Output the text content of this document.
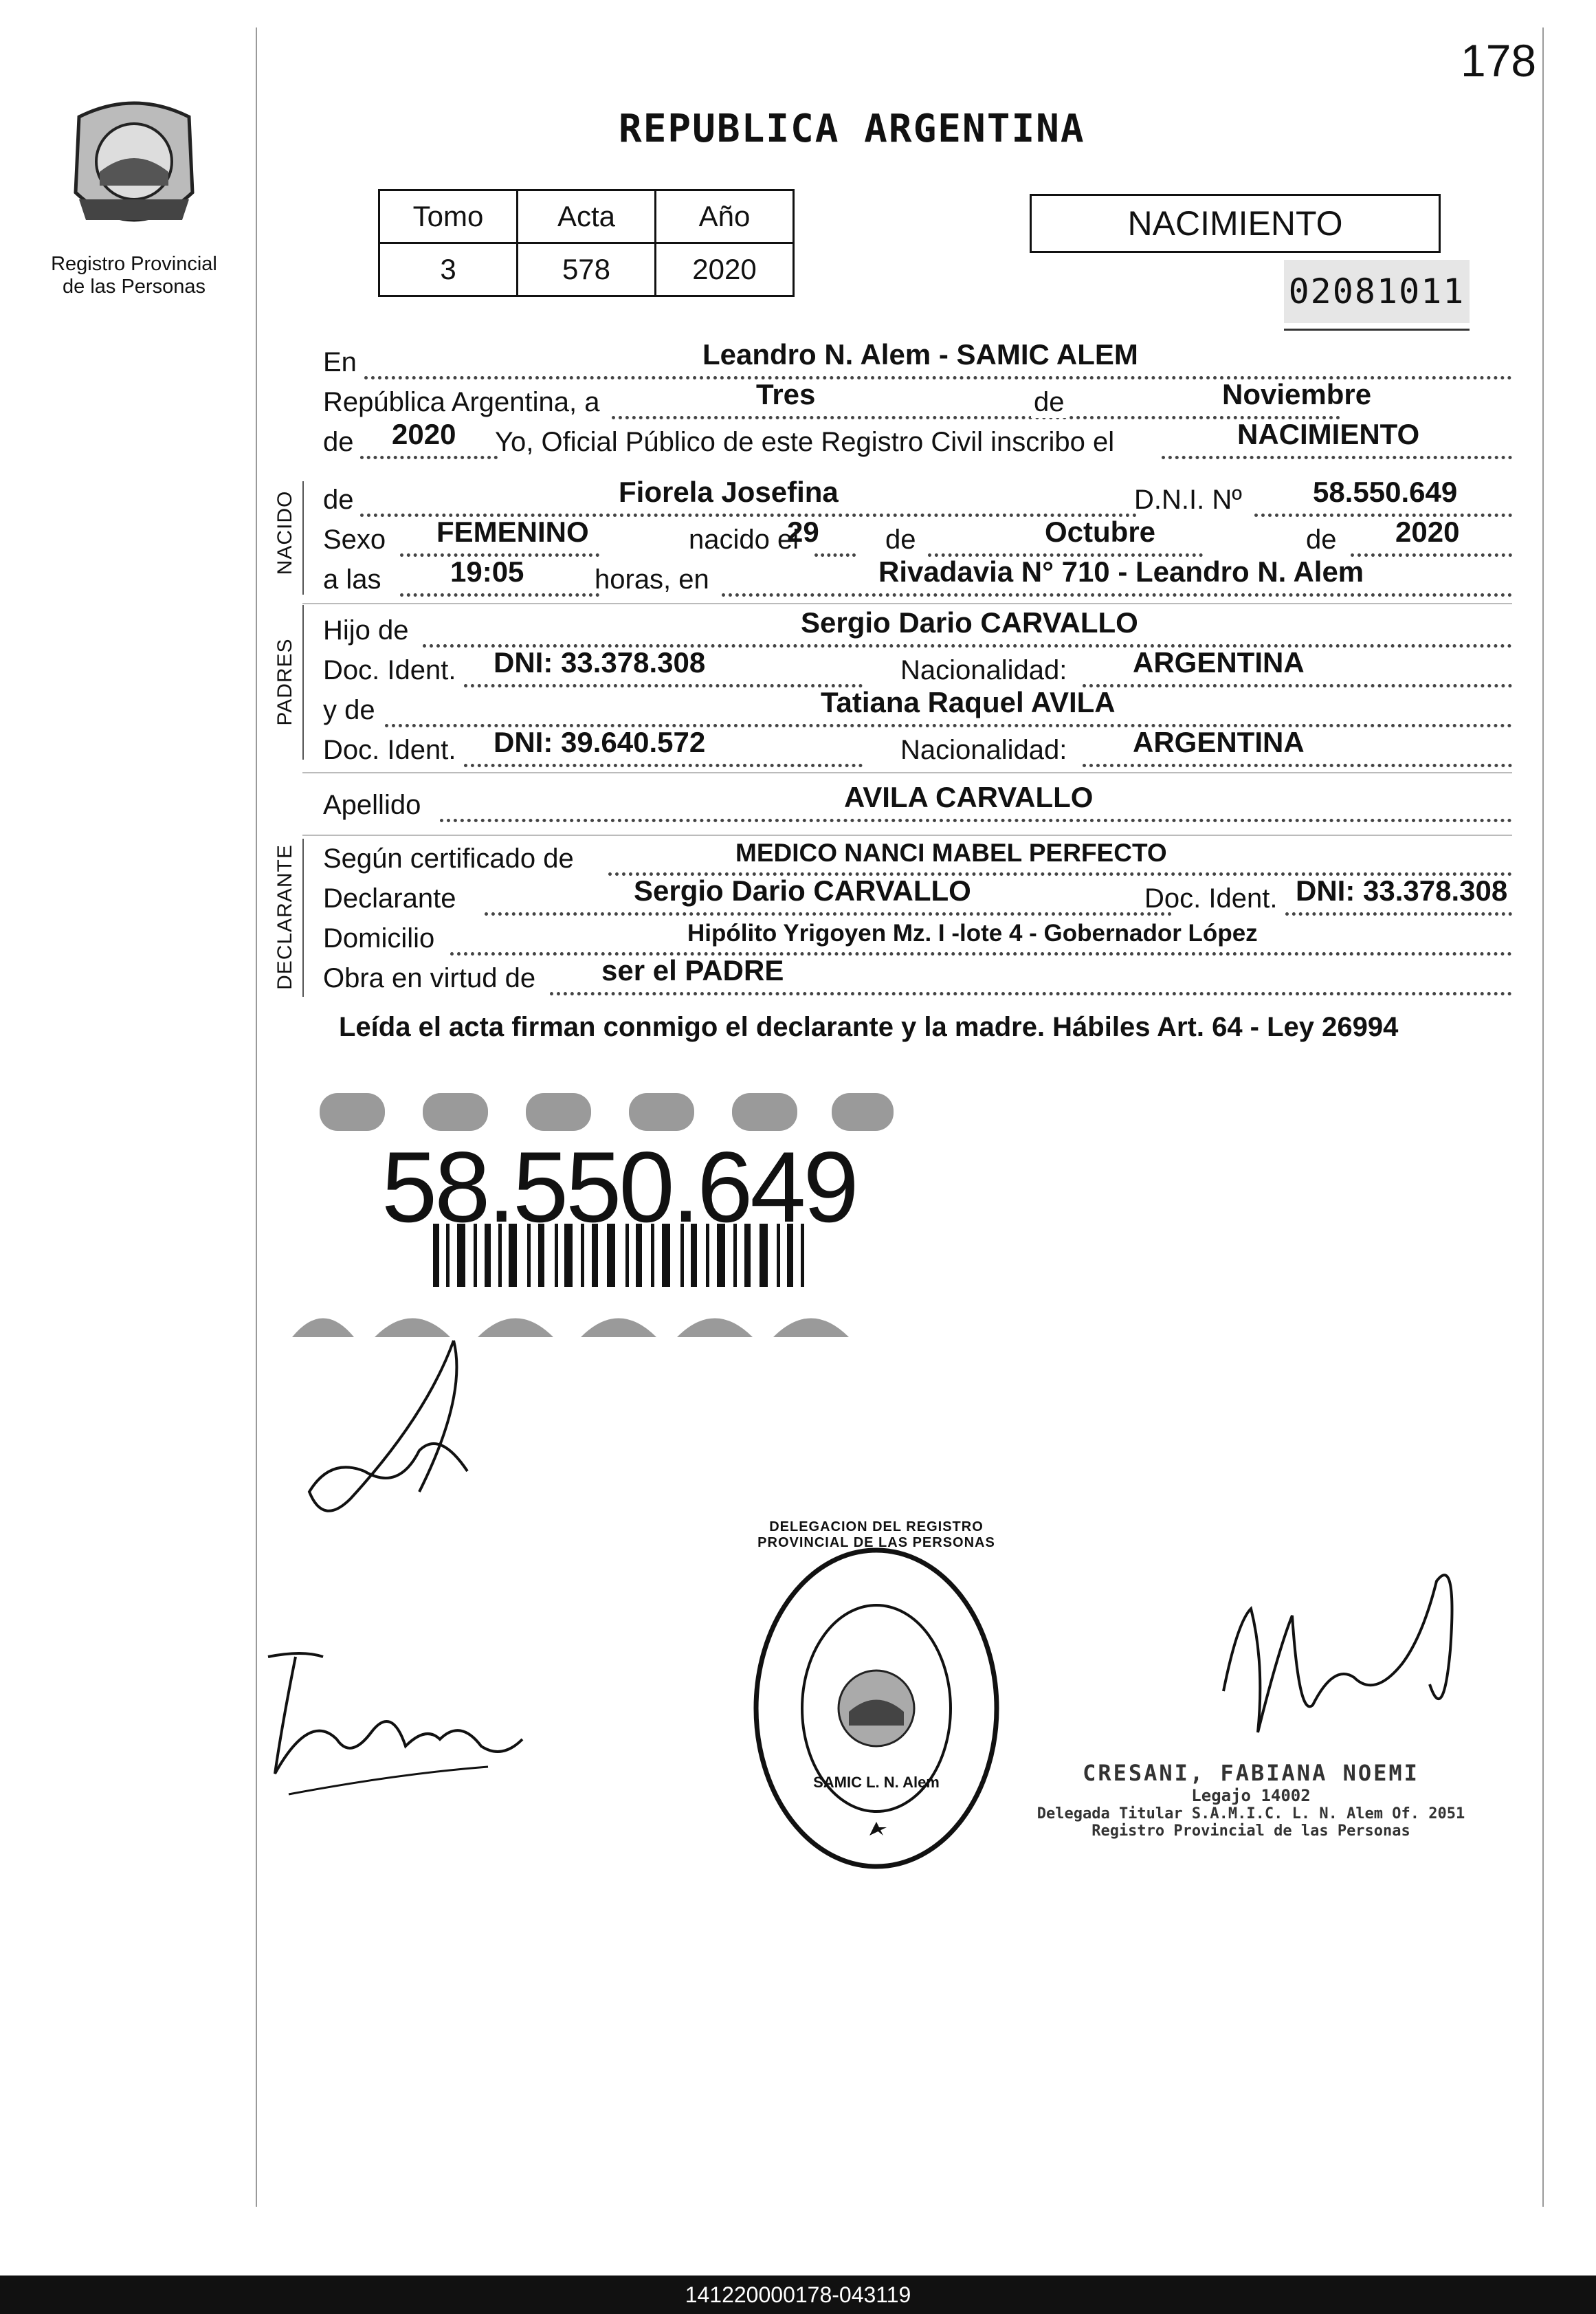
178
Registro Provincial
de las Personas
REPUBLICA ARGENTINA
Tomo	Acta	Año
3	578	2020
NACIMIENTO
02081011
En	Leandro N. Alem - SAMIC ALEM
República Argentina, a	Tres	de	Noviembre
de 2020 Yo, Oficial Público de este Registro Civil inscribo el	NACIMIENTO
NACIDO de	Fiorela Josefina	D.N.I. Nº 58.550.649
Sexo FEMENINO	nacido el
29 de	Octubre	de 2020
a las 19:05	horas, en	Rivadavia N° 710 - Leandro N. Alem
PADRES
Hijo de	Sergio Dario CARVALLO
Doc. Ident. DNI: 33.378.308	Nacionalidad: ARGENTINA
y de	Tatiana Raquel AVILA
Doc. Ident. DNI: 39.640.572	Nacionalidad: ARGENTINA
Apellido	AVILA CARVALLO
DECLARANTE Según certificado de	MEDICO NANCI MABEL PERFECTO
Declarante	Sergio Dario CARVALLO	Doc. Ident. DNI: 33.378.308
Domicilio	Hipólito Yrigoyen Mz. I -lote 4 - Gobernador López
Obra en virtud de ser el PADRE
Leída el acta firman conmigo el declarante y la madre. Hábiles Art. 64 - Ley 26994
58.550.649
SAMIC L. N. Alem
DELEGACION DEL REGISTRO PROVINCIAL DE LAS PERSONAS
CRESANI, FABIANA NOEMI
Legajo 14002
Delegada Titular S.A.M.I.C. L. N. Alem Of. 2051
Registro Provincial de las Personas
141220000178-043119
